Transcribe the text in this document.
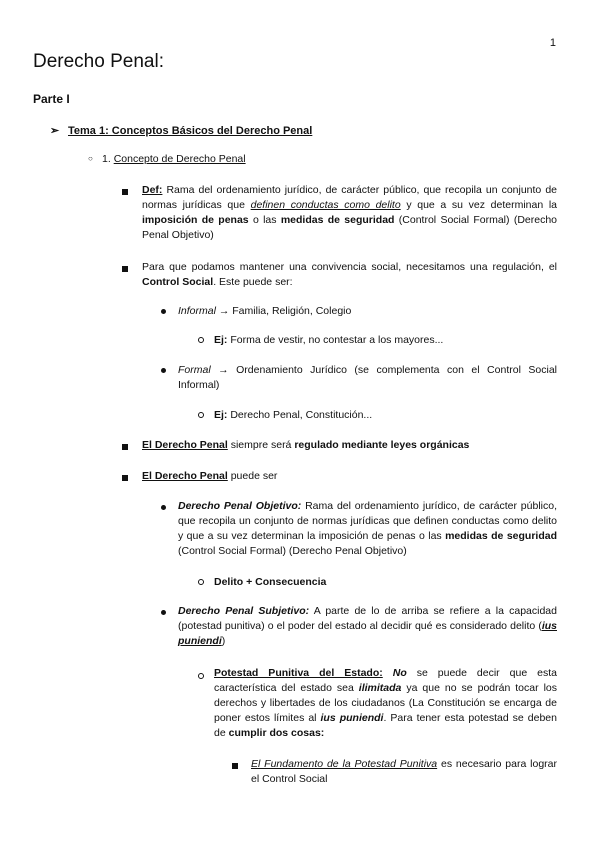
1
Derecho Penal:
Parte I
➢ Tema 1: Conceptos Básicos del Derecho Penal
○ 1. Concepto de Derecho Penal
Def: Rama del ordenamiento jurídico, de carácter público, que recopila un conjunto de normas jurídicas que definen conductas como delito y que a su vez determinan la imposición de penas o las medidas de seguridad (Control Social Formal) (Derecho Penal Objetivo)
Para que podamos mantener una convivencia social, necesitamos una regulación, el Control Social. Este puede ser:
Informal → Familia, Religión, Colegio
Ej: Forma de vestir, no contestar a los mayores...
Formal → Ordenamiento Jurídico (se complementa con el Control Social Informal)
Ej: Derecho Penal, Constitución...
El Derecho Penal siempre será regulado mediante leyes orgánicas
El Derecho Penal puede ser
Derecho Penal Objetivo: Rama del ordenamiento jurídico, de carácter público, que recopila un conjunto de normas jurídicas que definen conductas como delito y que a su vez determinan la imposición de penas o las medidas de seguridad (Control Social Formal) (Derecho Penal Objetivo)
Delito + Consecuencia
Derecho Penal Subjetivo: A parte de lo de arriba se refiere a la capacidad (potestad punitiva) o el poder del estado al decidir qué es considerado delito (ius puniendi)
Potestad Punitiva del Estado: No se puede decir que esta característica del estado sea ilimitada ya que no se podrán tocar los derechos y libertades de los ciudadanos (La Constitución se encarga de poner estos límites al ius puniendi. Para tener esta potestad se deben de cumplir dos cosas:
El Fundamento de la Potestad Punitiva es necesario para lograr el Control Social
